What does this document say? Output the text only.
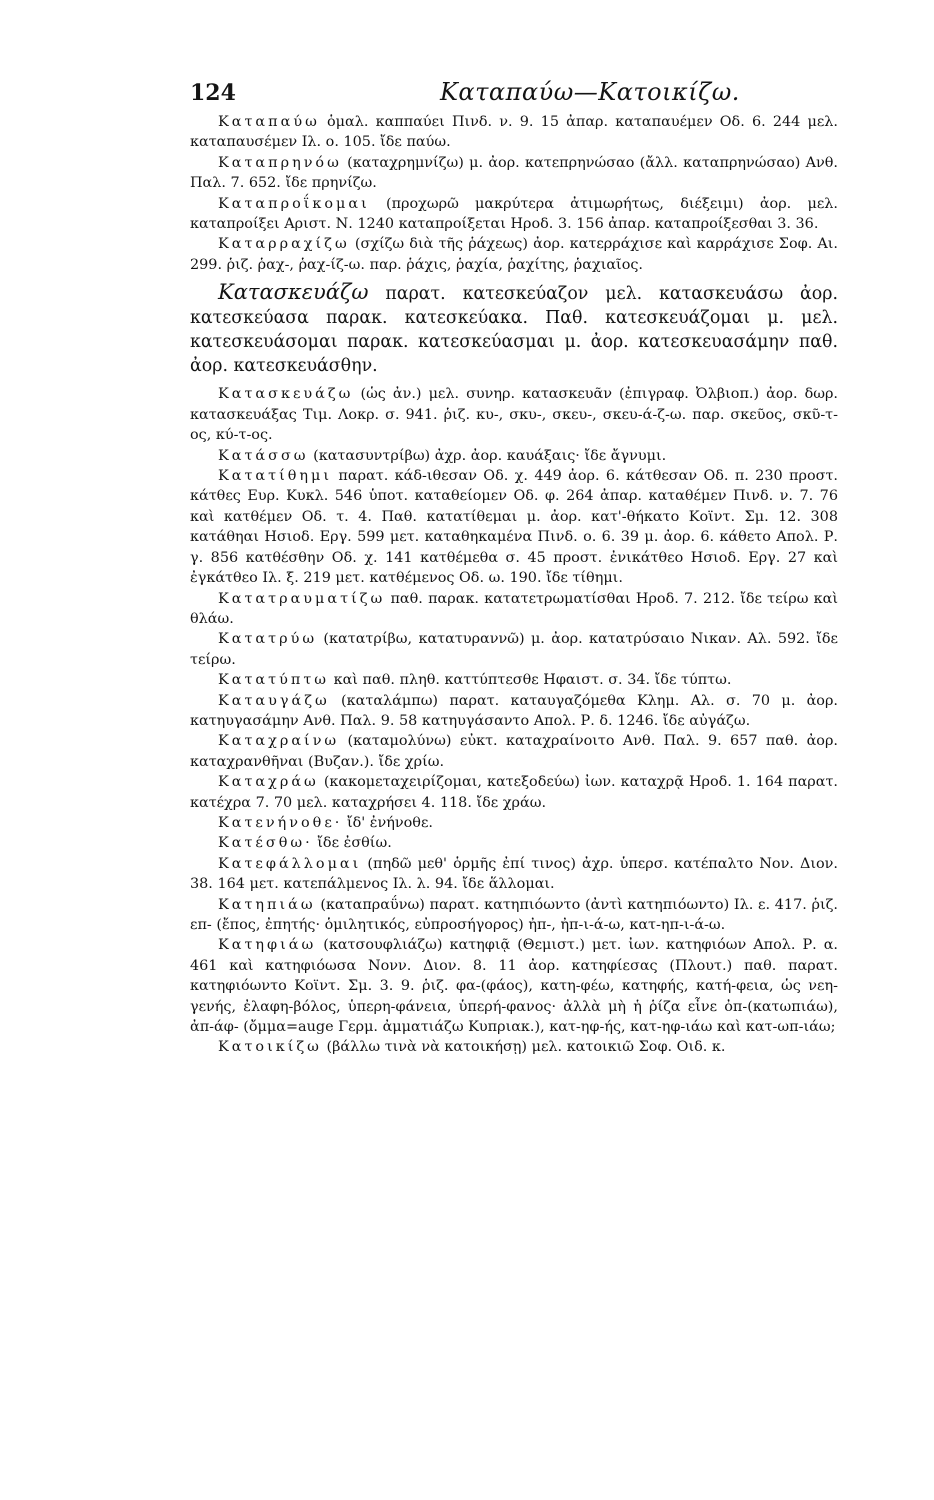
124	Καταπαύω—Κατοικίζω.

Καταπαύω ὁμαλ. καππαύει Πινδ. ν. 9. 15 ἀπαρ. καταπαυέμεν Οδ. 6. 244 μελ. καταπαυσέμεν Ιλ. ο. 105. ἴδε παύω.

Καταπρηνόω (καταχρημνίζω) μ. ἀορ. κατεπρηνώσαο (ἄλλ. καταπρηνώσαο) Ανθ. Παλ. 7. 652. ἴδε πρηνίζω.

Καταπροΐκομαι (προχωρῶ μακρύτερα ἀτιμωρήτως, διέξειμι) ἀορ. μελ. καταπροίξει Αριστ. Ν. 1240 καταπροίξεται Ηροδ. 3. 156 ἀπαρ. καταπροίξεσθαι 3. 36.

Καταρραχίζω (σχίζω διὰ τῆς ῥάχεως) ἀορ. κατερράχισε καὶ καρράχισε Σοφ. Αι. 299. ῥιζ. ῥαχ-, ῥαχ-ίζ-ω. παρ. ῥάχις, ῥαχία, ῥαχίτης, ῥαχιαῖος.

Κατασκευάζω παρατ. κατεσκεύαζον μελ. κατασκευάσω ἀορ. κατεσκεύασα παρακ. κατεσκεύακα. Παθ. κατεσκευάζομαι μ. μελ. κατεσκευάσομαι παρακ. κατεσκεύασμαι μ. ἀορ. κατεσκευασάμην παθ. ἀορ. κατεσκευάσθην.

Κατασκευάζω (ὡς ἀν.) μελ. συνηρ. κατασκευᾶν (ἐπιγραφ. Ὀλβιοπ.) ἀορ. δωρ. κατασκευάξας Τιμ. Λοκρ. σ. 941. ῥιζ. κυ-, σκυ-, σκευ-, σκευ-ά-ζ-ω. παρ. σκεῦος, σκῦ-τ-ος, κύ-τ-ος.

Κατάσσω (κατασυντρίβω) ἀχρ. ἀορ. καυάξαις· ἴδε ἄγνυμι.

Κατατίθημι παρατ. κάδ-ιθεσαν Οδ. χ. 449 ἀορ. 6. κάτθεσαν Οδ. π. 230 προστ. κάτθες Ευρ. Κυκλ. 546 ὑποτ. καταθείομεν Οδ. φ. 264 ἀπαρ. καταθέμεν Πινδ. ν. 7. 76 καὶ κατθέμεν Οδ. τ. 4. Παθ. κατατίθεμαι μ. ἀορ. κατ'-θήκατο Κοϊντ. Σμ. 12. 308 κατάθηαι Ησιοδ. Εργ. 599 μετ. καταθηκαμένα Πινδ. ο. 6. 39 μ. ἀορ. 6. κάθετο Απολ. Ρ. γ. 856 κατθέσθην Οδ. χ. 141 κατθέμεθα σ. 45 προστ. ἐνικάτθεο Ησιοδ. Εργ. 27 καὶ ἐγκάτθεο Ιλ. ξ. 219 μετ. κατθέμενος Οδ. ω. 190. ἴδε τίθημι.

Κατατραυματίζω παθ. παρακ. κατατετρωματίσθαι Ηροδ. 7. 212. ἴδε τείρω καὶ θλάω.

Κατατρύω (κατατρίβω, κατατυραννῶ) μ. ἀορ. κατατρύσαιο Νικαν. Αλ. 592. ἴδε τείρω.

Κατατύπτω καὶ παθ. πληθ. καττύπτεσθε Ηφαιστ. σ. 34. ἴδε τύπτω.

Καταυγάζω (καταλάμπω) παρατ. καταυγαζόμεθα Κλημ. Αλ. σ. 70 μ. ἀορ. κατηυγασάμην Ανθ. Παλ. 9. 58 κατηυγάσαντο Απολ. Ρ. δ. 1246. ἴδε αὐγάζω.

Καταχραίνω (καταμολύνω) εὐκτ. καταχραίνοιτο Ανθ. Παλ. 9. 657 παθ. ἀορ. καταχρανθῆναι (Βυζαν.). ἴδε χρίω.

Καταχράω (κακομεταχειρίζομαι, κατεξοδεύω) ἰων. καταχρᾷ Ηροδ. 1. 164 παρατ. κατέχρα 7. 70 μελ. καταχρήσει 4. 118. ἴδε χράω.

Κατενήνοθε· ἴδ' ἐνήνοθε.

Κατέσθω· ἴδε ἐσθίω.

Κατεφάλλομαι (πηδῶ μεθ' ὁρμῆς ἐπί τινος) ἀχρ. ὑπερσ. κατέπαλτο Νον. Διον. 38. 164 μετ. κατεπάλμενος Ιλ. λ. 94. ἴδε ἅλλομαι.

Κατηπιάω (καταπραΰνω) παρατ. κατηπιόωντο (ἀντὶ κατηπιόωντο) Ιλ. ε. 417. ῥιζ. επ- (ἔπος, ἐπητής· ὁμιλητικός, εὐπροσήγορος) ἠπ-, ἠπ-ι-ά-ω, κατ-ηπ-ι-ά-ω.

Κατηφιάω (κατσουφλιάζω) κατηφιᾷ (Θεμιστ.) μετ. ἰων. κατηφιόων Απολ. Ρ. α. 461 καὶ κατηφιόωσα Νονν. Διον. 8. 11 ἀορ. κατηφίεσας (Πλουτ.) παθ. παρατ. κατηφιόωντο Κοϊντ. Σμ. 3. 9. ῥιζ. φα-(φάος), κατη-φέω, κατηφής, κατή-φεια, ὡς νεη-γενής, ἐλαφη-βόλος, ὑπερη-φάνεια, ὑπερή-φανος· ἀλλὰ μὴ ἡ ῥίζα εἶνε ὀπ-(κατωπιάω), ἀπ-άφ- (ὄμμα=auge Γερμ. ἀμματιάζω Κυπριακ.), κατ-ηφ-ής, κατ-ηφ-ιάω καὶ κατ-ωπ-ιάω;

Κατοικίζω (βάλλω τινὰ νὰ κατοικήσῃ) μελ. κατοικιῶ Σοφ. Οιδ. κ.
